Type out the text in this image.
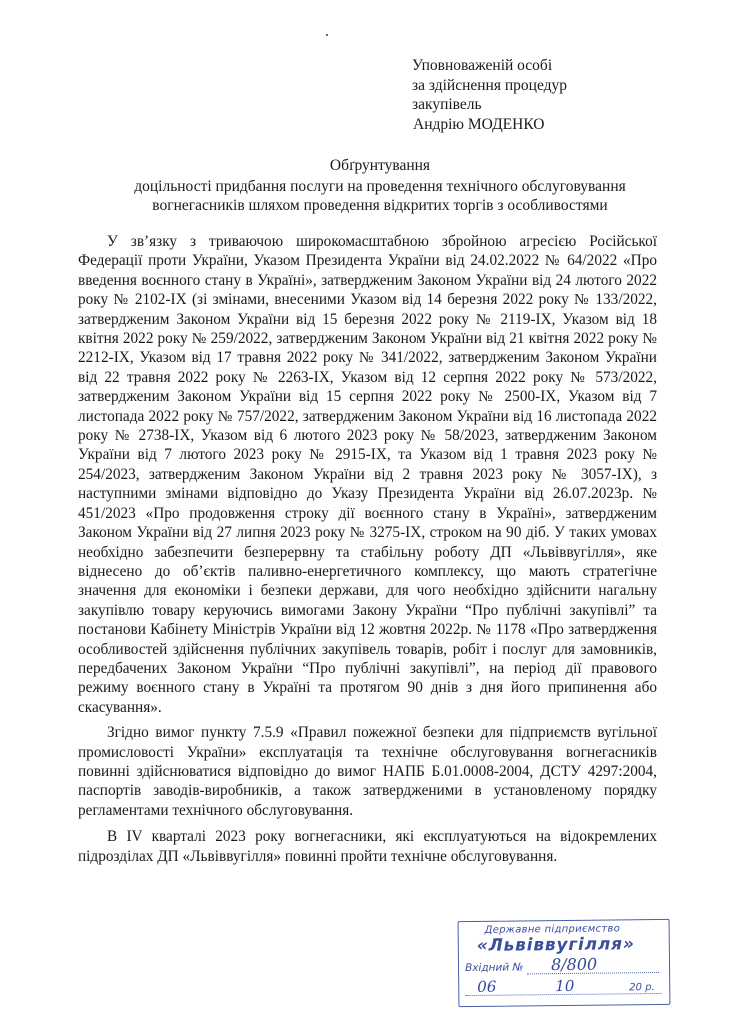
Уповноваженій особі
за здійснення процедур
закупівель
Андрію МОДЕНКО
Обґрунтування
доцільності придбання послуги на проведення технічного обслуговування
вогнегасників шляхом проведення відкритих торгів з особливостями

У зв’язку з триваючою широкомасштабною збройною агресією Російської Федерації проти України, Указом Президента України від 24.02.2022 № 64/2022 «Про введення воєнного стану в Україні», затвердженим Законом України від 24 лютого 2022 року № 2102-IX (зі змінами, внесеними Указом від 14 березня 2022 року № 133/2022, затвердженим Законом України від 15 березня 2022 року № 2119-IX, Указом від 18 квітня 2022 року № 259/2022, затвердженим Законом України від 21 квітня 2022 року № 2212-IX, Указом від 17 травня 2022 року № 341/2022, затвердженим Законом України від 22 травня 2022 року № 2263-IX, Указом від 12 серпня 2022 року № 573/2022, затвердженим Законом України від 15 серпня 2022 року № 2500-IX, Указом від 7 листопада 2022 року № 757/2022, затвердженим Законом України від 16 листопада 2022 року № 2738-IX, Указом від 6 лютого 2023 року № 58/2023, затвердженим Законом України від 7 лютого 2023 року № 2915-IX, та Указом від 1 травня 2023 року № 254/2023, затвердженим Законом України від 2 травня 2023 року № 3057-IX), з наступними змінами відповідно до Указу Президента України від 26.07.2023р. № 451/2023 «Про продовження строку дії воєнного стану в Україні», затвердженим Законом України від 27 липня 2023 року № 3275-IX, строком на 90 діб. У таких умовах необхідно забезпечити безперервну та стабільну роботу ДП «Львіввугілля», яке віднесено до об’єктів паливно-енергетичного комплексу, що мають стратегічне значення для економіки і безпеки держави, для чого необхідно здійснити нагальну закупівлю товару керуючись вимогами Закону України “Про публічні закупівлі” та постанови Кабінету Міністрів України від 12 жовтня 2022р. № 1178 «Про затвердження особливостей здійснення публічних закупівель товарів, робіт і послуг для замовників, передбачених Законом України “Про публічні закупівлі”, на період дії правового режиму воєнного стану в Україні та протягом 90 днів з дня його припинення або скасування».

Згідно вимог пункту 7.5.9 «Правил пожежної безпеки для підприємств вугільної промисловості України» експлуатація та технічне обслуговування вогнегасників повинні здійснюватися відповідно до вимог НАПБ Б.01.0008-2004, ДСТУ 4297:2004, паспортів заводів-виробників, а також затвердженими в установленому порядку регламентами технічного обслуговування.

В IV кварталі 2023 року вогнегасники, які експлуатуються на відокремлених підрозділах ДП «Львіввугілля» повинні пройти технічне обслуговування.

Державне підприємство
«Львіввугілля»
Вхідний № 8/800
06	10	20 р.
